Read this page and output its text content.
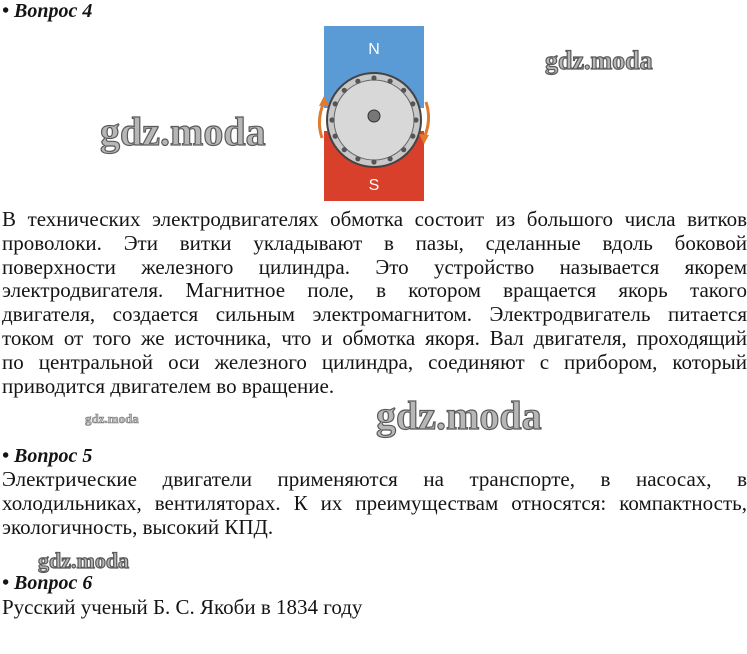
• Вопрос 4
N
S
В технических электродвигателях обмотка состоит из большого числа витков
проволоки. Эти витки укладывают в пазы, сделанные вдоль боковой
поверхности железного цилиндра. Это устройство называется якорем
электродвигателя. Магнитное поле, в котором вращается якорь такого
двигателя, создается сильным электромагнитом. Электродвигатель питается
током от того же источника, что и обмотка якоря. Вал двигателя, проходящий
по центральной оси железного цилиндра, соединяют с прибором, который
приводится двигателем во вращение.
• Вопрос 5
Электрические двигатели применяются на транспорте, в насосах, в
холодильниках, вентиляторах. К их преимуществам относятся: компактность,
экологичность, высокий КПД.
• Вопрос 6
Русский ученый Б. С. Якоби в 1834 году
gdz.moda
gdz.moda
gdz.moda
gdz.moda
gdz.moda
